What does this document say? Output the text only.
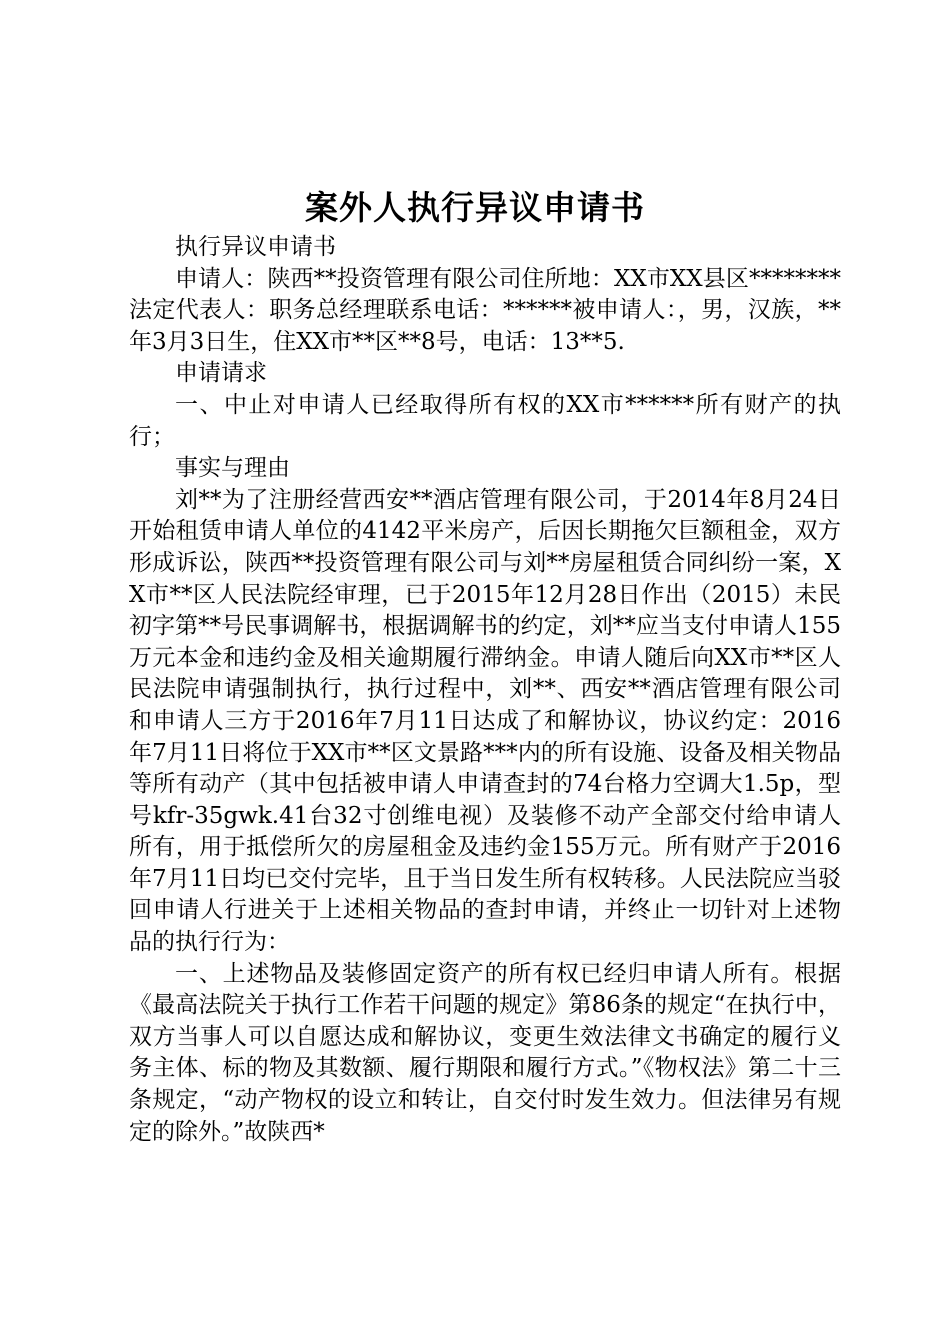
案外人执行异议申请书

执行异议申请书

申请人：陕西**投资管理有限公司住所地：XX市XX县区********法定代表人：职务总经理联系电话：******被申请人：，男，汉族，**年3月3日生，住XX市**区**8号，电话：13**5.

申请请求

一、中止对申请人已经取得所有权的XX市******所有财产的执行；

事实与理由

刘**为了注册经营西安**酒店管理有限公司，于2014年8月24日开始租赁申请人单位的4142平米房产，后因长期拖欠巨额租金，双方形成诉讼，陕西**投资管理有限公司与刘**房屋租赁合同纠纷一案，XX市**区人民法院经审理，已于2015年12月28日作出（2015）未民初字第**号民事调解书，根据调解书的约定，刘**应当支付申请人155万元本金和违约金及相关逾期履行滞纳金。申请人随后向XX市**区人民法院申请强制执行，执行过程中，刘**、西安**酒店管理有限公司和申请人三方于2016年7月11日达成了和解协议，协议约定：2016年7月11日将位于XX市**区文景路***内的所有设施、设备及相关物品等所有动产（其中包括被申请人申请查封的74台格力空调大1.5p，型号kfr-35gwk.41台32寸创维电视）及装修不动产全部交付给申请人所有，用于抵偿所欠的房屋租金及违约金155万元。所有财产于2016年7月11日均已交付完毕，且于当日发生所有权转移。人民法院应当驳回申请人行进关于上述相关物品的查封申请，并终止一切针对上述物品的执行行为：

一、上述物品及装修固定资产的所有权已经归申请人所有。根据《最高法院关于执行工作若干问题的规定》第86条的规定“在执行中，双方当事人可以自愿达成和解协议，变更生效法律文书确定的履行义务主体、标的物及其数额、履行期限和履行方式。”《物权法》第二十三条规定，“动产物权的设立和转让，自交付时发生效力。但法律另有规定的除外。”故陕西*
